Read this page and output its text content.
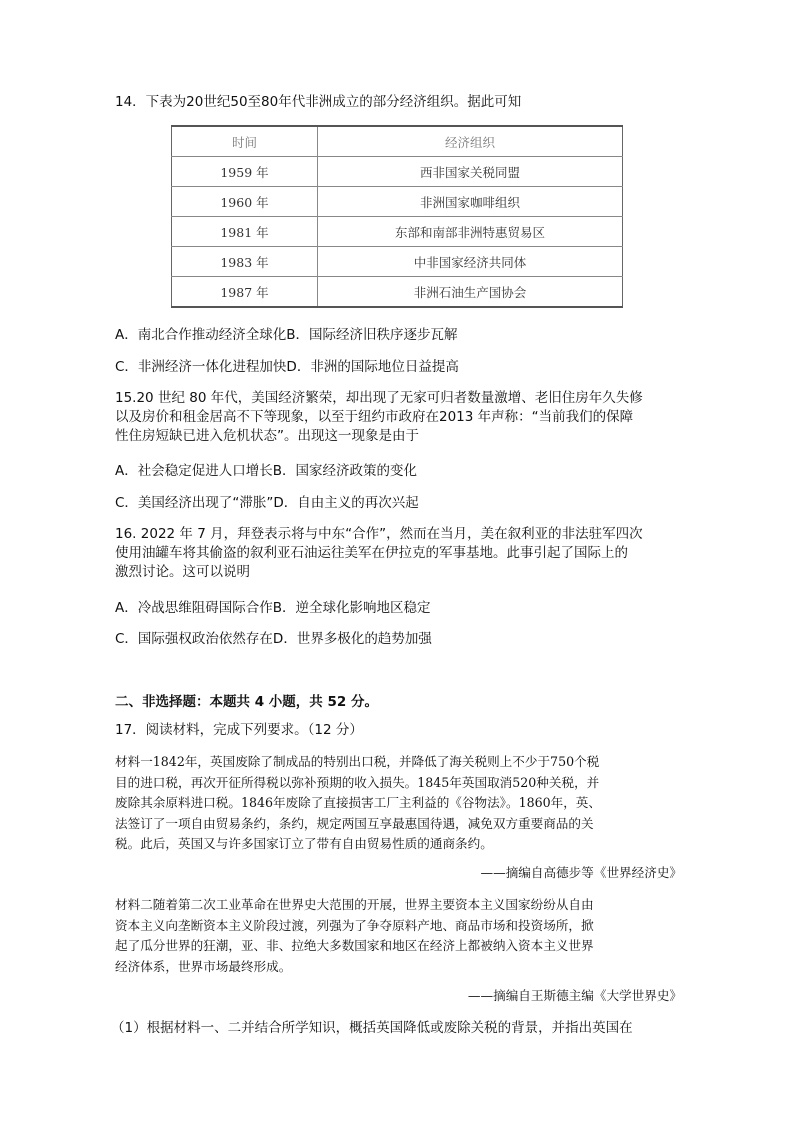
14．下表为20世纪50至80年代非洲成立的部分经济组织。据此可知
时间	经济组织
1959 年	西非国家关税同盟
1960 年	非洲国家咖啡组织
1981 年	东部和南部非洲特惠贸易区
1983 年	中非国家经济共同体
1987 年	非洲石油生产国协会
A．南北合作推动经济全球化B．国际经济旧秩序逐步瓦解
C．非洲经济一体化进程加快D．非洲的国际地位日益提高
15.20 世纪 80 年代，美国经济繁荣，却出现了无家可归者数量激增、老旧住房年久失修
以及房价和租金居高不下等现象，以至于纽约市政府在2013 年声称：“当前我们的保障
性住房短缺已进入危机状态”。出现这一现象是由于
A．社会稳定促进人口增长B．国家经济政策的变化
C．美国经济出现了“滞胀”D．自由主义的再次兴起
16. 2022 年 7 月，拜登表示将与中东“合作”，然而在当月，美在叙利亚的非法驻军四次
使用油罐车将其偷盗的叙利亚石油运往美军在伊拉克的军事基地。此事引起了国际上的
激烈讨论。这可以说明
A．冷战思维阻碍国际合作B．逆全球化影响地区稳定
C．国际强权政治依然存在D．世界多极化的趋势加强
二、非选择题：本题共 4 小题，共 52 分。
17．阅读材料，完成下列要求。（12 分）
材料一1842年，英国废除了制成品的特别出口税，并降低了海关税则上不少于750个税
目的进口税，再次开征所得税以弥补预期的收入损失。1845年英国取消520种关税，并
废除其余原料进口税。1846年废除了直接损害工厂主利益的《谷物法》。1860年，英、
法签订了一项自由贸易条约，条约，规定两国互享最惠国待遇，减免双方重要商品的关
税。此后，英国又与许多国家订立了带有自由贸易性质的通商条约。
——摘编自高德步等《世界经济史》
材料二随着第二次工业革命在世界史大范围的开展，世界主要资本主义国家纷纷从自由
资本主义向垄断资本主义阶段过渡，列强为了争夺原料产地、商品市场和投资场所，掀
起了瓜分世界的狂潮，亚、非、拉绝大多数国家和地区在经济上都被纳入资本主义世界
经济体系，世界市场最终形成。
——摘编自王斯德主编《大学世界史》
（1）根据材料一、二并结合所学知识，概括英国降低或废除关税的背景，并指出英国在
